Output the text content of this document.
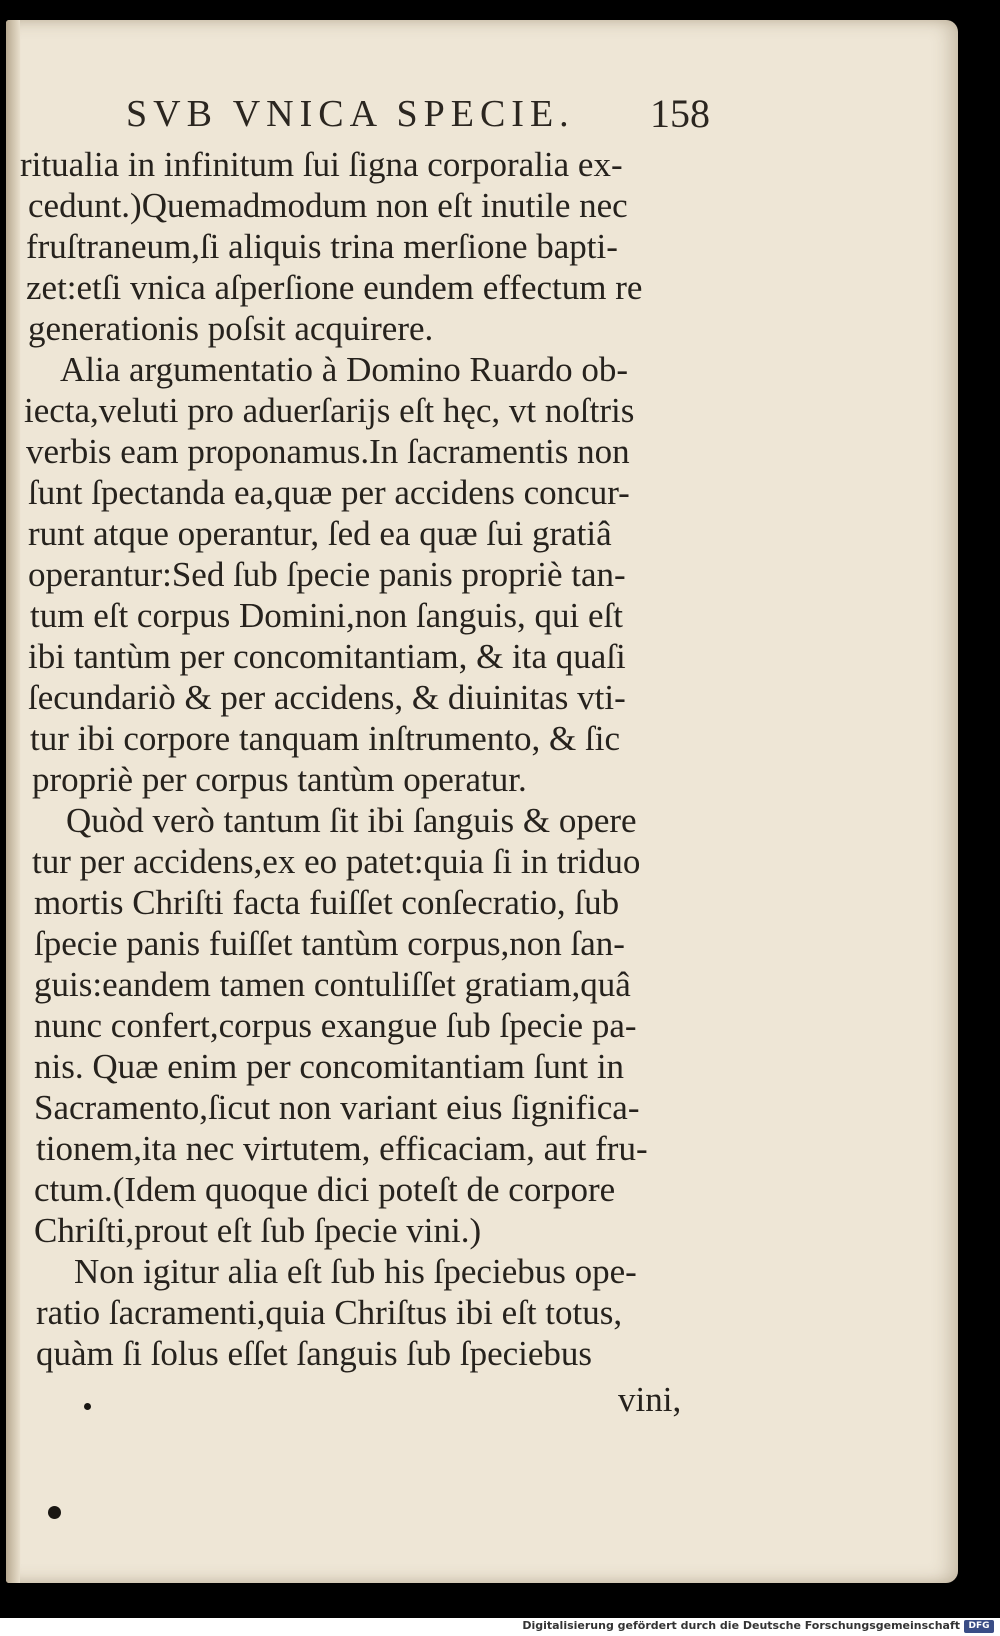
SVB VNICA SPECIE.	158
ritualia in infinitum ſui ſigna corporalia ex-
cedunt.)Quemadmodum non eſt inutile nec
fruſtraneum,ſi aliquis trina merſione bapti-
zet:etſi vnica aſperſione eundem effectum re
generationis poſsit acquirere.
Alia argumentatio à Domino Ruardo ob-
iecta,veluti pro aduerſarijs eſt hęc, vt noſtris
verbis eam proponamus.In ſacramentis non
ſunt ſpectanda ea,quæ per accidens concur-
runt atque operantur, ſed ea quæ ſui gratiâ
operantur:Sed ſub ſpecie panis propriè tan-
tum eſt corpus Domini,non ſanguis, qui eſt
ibi tantùm per concomitantiam, & ita quaſi
ſecundariò & per accidens, & diuinitas vti-
tur ibi corpore tanquam inſtrumento, & ſic
propriè per corpus tantùm operatur.
Quòd verò tantum ſit ibi ſanguis & opere
tur per accidens,ex eo patet:quia ſi in triduo
mortis Chriſti facta fuiſſet conſecratio, ſub
ſpecie panis fuiſſet tantùm corpus,non ſan-
guis:eandem tamen contuliſſet gratiam,quâ
nunc confert,corpus exangue ſub ſpecie pa-
nis. Quæ enim per concomitantiam ſunt in
Sacramento,ſicut non variant eius ſignifica-
tionem,ita nec virtutem, efficaciam, aut fru-
ctum.(Idem quoque dici poteſt de corpore
Chriſti,prout eſt ſub ſpecie vini.)
Non igitur alia eſt ſub his ſpeciebus ope-
ratio ſacramenti,quia Chriſtus ibi eſt totus,
quàm ſi ſolus eſſet ſanguis ſub ſpeciebus
vini,
Digitalisierung gefördert durch die Deutsche Forschungsgemeinschaft DFG
